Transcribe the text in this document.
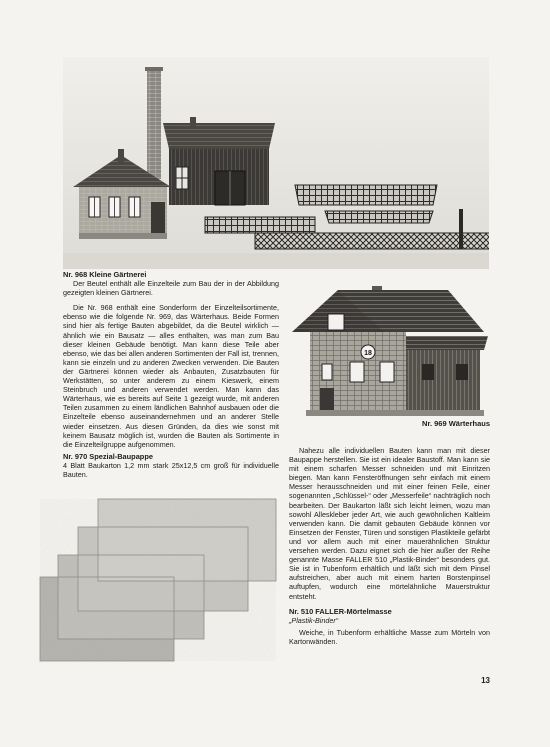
18
Nr. 969 Wärterhaus
Nr. 968 Kleine Gärtnerei

Der Beutel enthält alle Einzelteile zum Bau der in der Abbildung gezeigten kleinen Gärtnerei.

Die Nr. 968 enthält eine Sonderform der Einzelteilsortimente, ebenso wie die folgende Nr. 969, das Wärterhaus. Beide Formen sind hier als fertige Bauten abgebildet, da die Beutel wirklich — ähnlich wie ein Bausatz — alles enthalten, was man zum Bau dieser kleinen Gebäude benötigt. Man kann diese Teile aber ebenso, wie das bei allen anderen Sortimenten der Fall ist, trennen, kann sie einzeln und zu anderen Zwecken verwenden. Die Bauten der Gärtnerei können wieder als Anbauten, Zusatzbauten für Werkstätten, so unter anderem zu einem Kieswerk, einem Steinbruch und anderen verwendet werden. Man kann das Wärterhaus, wie es bereits auf Seite 1 gezeigt wurde, mit anderen Teilen zusammen zu einem ländlichen Bahnhof ausbauen oder die Einzelteile ebenso auseinandernehmen und an anderer Stelle wieder einsetzen. Aus diesen Gründen, da dies wie sonst mit keinem Bausatz möglich ist, wurden die Bauten als Sortimente in die Einzelteilgruppe aufgenommen.

Nr. 970 Spezial-Baupappe

4 Blatt Baukarton 1,2 mm stark 25x12,5 cm groß für individuelle Bauten.

Nahezu alle individuellen Bauten kann man mit dieser Baupappe herstellen. Sie ist ein idealer Baustoff. Man kann sie mit einem scharfen Messer schneiden und mit Einritzen biegen. Man kann Fensteröffnungen sehr einfach mit einem Messer herausschneiden und mit einer feinen Feile, einer sogenannten „Schlüssel-“ oder „Messerfeile“ nachträglich noch bearbeiten. Der Baukarton läßt sich leicht leimen, wozu man sowohl Alleskleber jeder Art, wie auch gewöhnlichen Kaltleim verwenden kann. Die damit gebauten Gebäude können vor Einsetzen der Fenster, Türen und sonstigen Plastikteile gefärbt und vor allem auch mit einer mauerähnlichen Struktur versehen werden. Dazu eignet sich die hier außer der Reihe genannte Masse FALLER 510 „Plastik-Binder“ besonders gut. Sie ist in Tubenform erhältlich und läßt sich mit dem Pinsel aufstreichen, aber auch mit einem harten Borstenpinsel auftupfen, wodurch eine mörtelähnliche Mauerstruktur entsteht.

Nr. 510 FALLER-Mörtelmasse
„Plastik-Binder“

Weiche, in Tubenform erhältliche Masse zum Mörteln von Kartonwänden.

13
